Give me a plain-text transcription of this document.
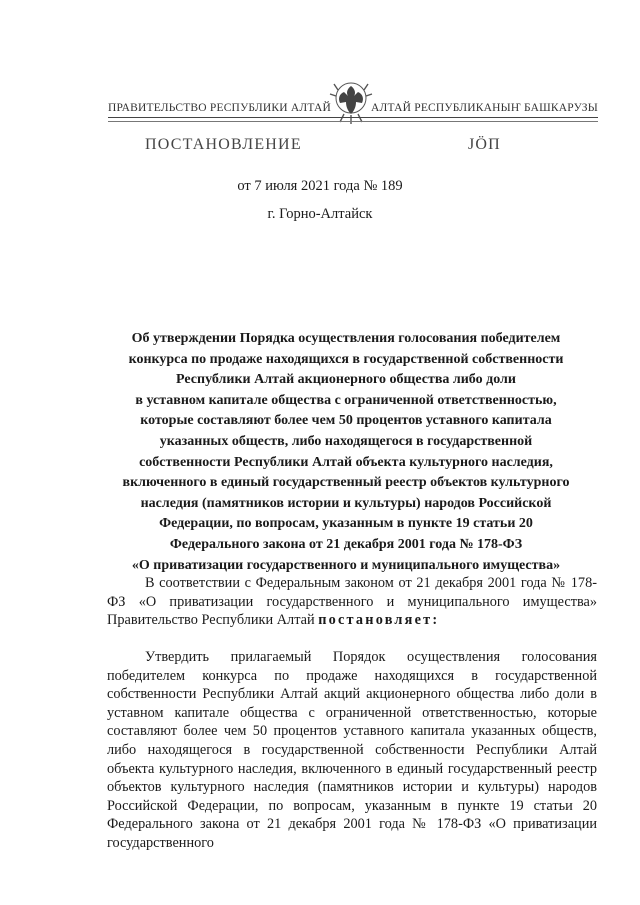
ПРАВИТЕЛЬСТВО РЕСПУБЛИКИ АЛТАЙ	АЛТАЙ РЕСПУБЛИКАНЫҤ БАШКАРУЗЫ
ПОСТАНОВЛЕНИЕ	ЈӦП
от 7 июля 2021 года № 189
г. Горно-Алтайск
Об утверждении Порядка осуществления голосования победителем
конкурса по продаже находящихся в государственной собственности
Республики Алтай акционерного общества либо доли
в уставном капитале общества с ограниченной ответственностью,
которые составляют более чем 50 процентов уставного капитала
указанных обществ, либо находящегося в государственной
собственности Республики Алтай объекта культурного наследия,
включенного в единый государственный реестр объектов культурного
наследия (памятников истории и культуры) народов Российской
Федерации, по вопросам, указанным в пункте 19 статьи 20
Федерального закона от 21 декабря 2001 года № 178-ФЗ
«О приватизации государственного и муниципального имущества»
В соответствии с Федеральным законом от 21 декабря 2001 года № 178-ФЗ «О приватизации государственного и муниципального имущества» Правительство Республики Алтай постановляет:
Утвердить прилагаемый Порядок осуществления голосования победителем конкурса по продаже находящихся в государственной собственности Республики Алтай акций акционерного общества либо доли в уставном капитале общества с ограниченной ответственностью, которые составляют более чем 50 процентов уставного капитала указанных обществ, либо находящегося в государственной собственности Республики Алтай объекта культурного наследия, включенного в единый государственный реестр объектов культурного наследия (памятников истории и культуры) народов Российской Федерации, по вопросам, указанным в пункте 19 статьи 20 Федерального закона от 21 декабря 2001 года № 178-ФЗ «О приватизации государственного
